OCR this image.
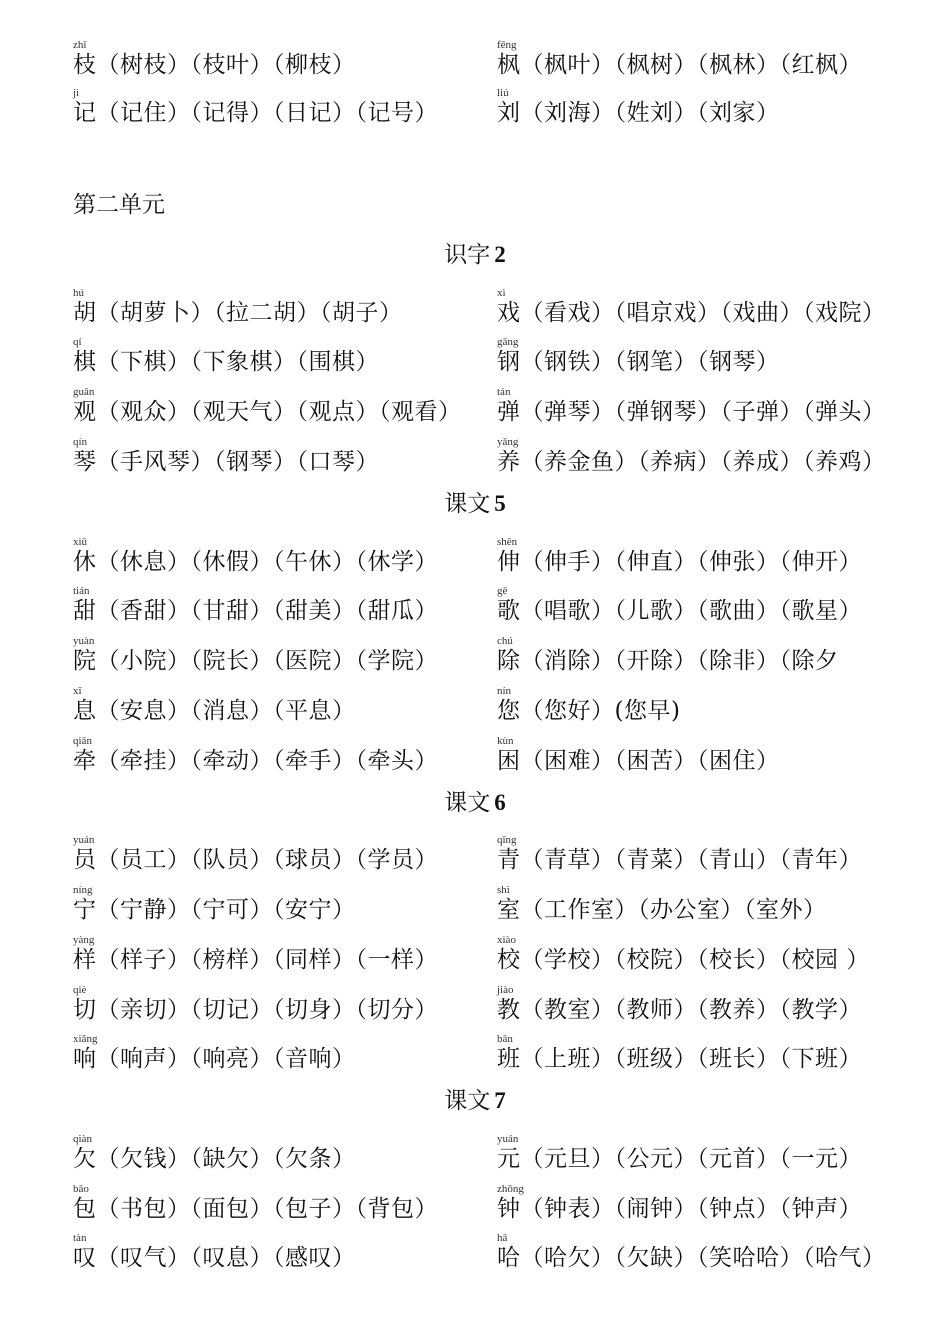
zhī
枝（树枝）（枝叶）（柳枝）
fēng
枫（枫叶）（枫树）（枫林）（红枫）
jì
记（记住）（记得）（日记）（记号）
liú
刘（刘海）（姓刘）（刘家）
第二单元
识字 2
hú
胡（胡萝卜）（拉二胡）（胡子）
xì
戏（看戏）（唱京戏）（戏曲）（戏院）
qí
棋（下棋）（下象棋）（围棋）
gāng
钢（钢铁）（钢笔）（钢琴）
guān
观（观众）（观天气）（观点）（观看）
tán
弹（弹琴）（弹钢琴）（子弹）（弹头）
qín
琴（手风琴）（钢琴）（口琴）
yǎng
养（养金鱼）（养病）（养成）（养鸡）
课文 5
xiū
休（休息）（休假）（午休）（休学）
shēn
伸（伸手）（伸直）（伸张）（伸开）
tián
甜（香甜）（甘甜）（甜美）（甜瓜）
gē
歌（唱歌）（儿歌）（歌曲）（歌星）
yuàn
院（小院）（院长）（医院）（学院）
chú
除（消除）（开除）（除非）（除夕
xī
息（安息）（消息）（平息）
nín
您（您好）(您早)
qiān
牵（牵挂）（牵动）（牵手）（牵头）
kùn
困（困难）（困苦）（困住）
课文 6
yuán
员（员工）（队员）（球员）（学员）
qīng
青（青草）（青菜）（青山）（青年）
níng
宁（宁静）（宁可）（安宁）
shì
室（工作室）（办公室）（室外）
yàng
样（样子）（榜样）（同样）（一样）
xiào
校（学校）（校院）（校长）（校园 ）
qiè
切（亲切）（切记）（切身）（切分）
jiào
教（教室）（教师）（教养）（教学）
xiǎng
响（响声）（响亮）（音响）
bān
班（上班）（班级）（班长）（下班）
课文 7
qiàn
欠（欠钱）（缺欠）（欠条）
yuán
元（元旦）（公元）（元首）（一元）
bāo
包（书包）（面包）（包子）（背包）
zhōng
钟（钟表）（闹钟）（钟点）（钟声）
tàn
叹（叹气）（叹息）（感叹）
hā
哈（哈欠）（欠缺）（笑哈哈）（哈气）
